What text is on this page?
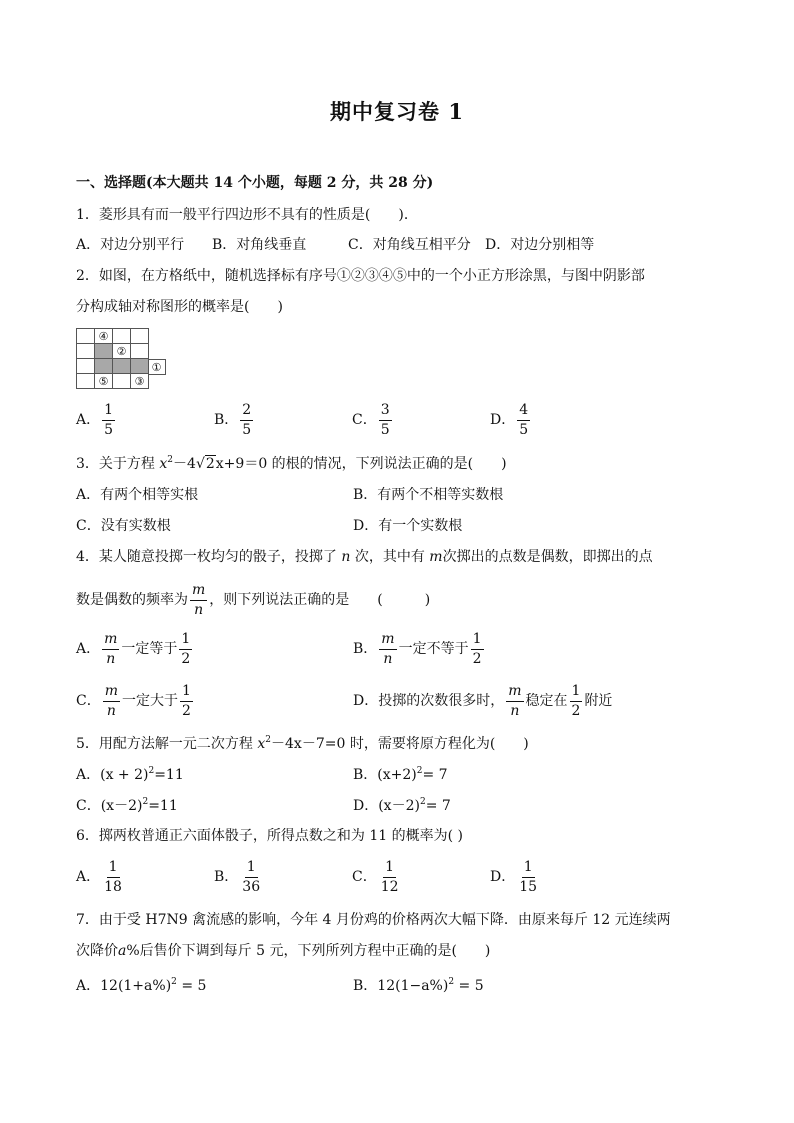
期中复习卷 1
一、选择题(本大题共 14 个小题，每题 2 分，共 28 分)
1．菱形具有而一般平行四边形不具有的性质是(　　)．
A．对边分别平行 B．对角线垂直	C．对角线互相平分 D．对边分别相等
2．如图，在方格纸中，随机选择标有序号①②③④⑤中的一个小正方形涂黑，与图中阴影部
分构成轴对称图形的概率是(　　)
④
②
⑤	③
①
A． $\frac{1}{5}$	B． $\frac{2}{5}$	C． $\frac{3}{5}$	D． $\frac{4}{5}$
3．关于方程 $x^2-4√2x+9=0$ 的根的情况，下列说法正确的是(　　)
A．有两个相等实根	B．有两个不相等实数根
C．没有实数根	D．有一个实数根
4．某人随意投掷一枚均匀的骰子，投掷了 n 次，其中有 m次掷出的点数是偶数，即掷出的点
数是偶数的频率为 $\frac{m}{n}$ ，则下列说法正确的是　　(　　　)
A． $\frac{m}{n}$ 一定等于 $\frac{1}{2}$	B． $\frac{m}{n}$ 一定不等于 $\frac{1}{2}$
C． $\frac{m}{n}$ 一定大于 $\frac{1}{2}$	D．投掷的次数很多时， $\frac{m}{n}$ 稳定在 $\frac{1}{2}$ 附近
5．用配方法解一元二次方程 $x^2-4x-7=0$ 时，需要将原方程化为(　　)
A．$(x + 2)^2=11$	B．$(x+2)^2= 7$
C．$(x-2)^2=11$	D．$(x-2)^2= 7$
6．掷两枚普通正六面体骰子，所得点数之和为 11 的概率为( )
A． $\frac{1}{18}$	B． $\frac{1}{36}$	C． $\frac{1}{12}$	D． $\frac{1}{15}$
7．由于受 H7N9 禽流感的影响，今年 4 月份鸡的价格两次大幅下降．由原来每斤 12 元连续两
次降价a%后售价下调到每斤 5 元，下列所列方程中正确的是(　　)
A．$12(1+a\%)^2 = 5$	B．$12(1-a\%)^2 = 5$
